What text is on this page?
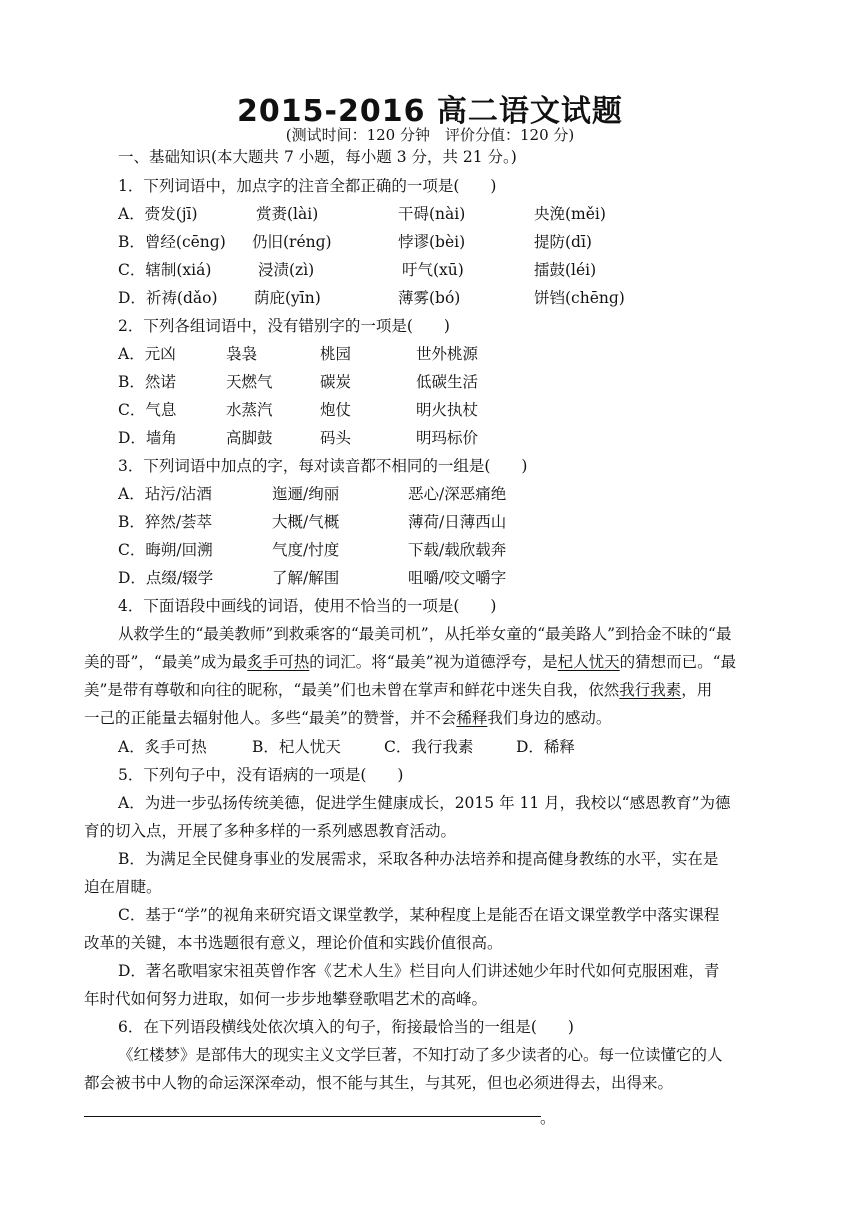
2015-2016 高二语文试题
(测试时间：120 分钟　评价分值：120 分)
一、基础知识(本大题共 7 小题，每小题 3 分，共 21 分。)
1．下列词语中，加点字的注音全都正确的一项是(　　)
A．赍发(jī)	赏赉(lài)	干碍(nài)	央浼(měi)
B．曾经(cēnɡ) 仍旧(rénɡ)	悖谬(bèi)	提防(dī)
C．辖制(xiá)	浸渍(zì)	吁气(xū)	擂鼓(léi)
D．祈祷(dǎo) 荫庇(yīn)	薄雾(bó)	饼铛(chēnɡ)
2．下列各组词语中，没有错别字的一项是(　　)
A．元凶	袅袅	桃园	世外桃源
B．然诺	天燃气	碳炭	低碳生活
C．气息	水蒸汽	炮仗	明火执杖
D．墙角	高脚鼓	码头	明玛标价
3．下列词语中加点的字，每对读音都不相同的一组是(　　)
A．玷污/沾酒	迤逦/绚丽	恶心/深恶痛绝
B．猝然/荟萃	大概/气概	薄荷/日薄西山
C．晦朔/回溯	气度/忖度	下载/载欣载奔
D．点缀/辍学	了解/解围	咀嚼/咬文嚼字
4．下面语段中画线的词语，使用不恰当的一项是(　　)
从救学生的“最美教师”到救乘客的“最美司机”，从托举女童的“最美路人”到拾金不昧的“最
美的哥”，“最美”成为最炙手可热的词汇。将“最美”视为道德浮夸，是杞人忧天的猜想而已。“最
美”是带有尊敬和向往的昵称，“最美”们也未曾在掌声和鲜花中迷失自我，依然我行我素，用
一己的正能量去辐射他人。多些“最美”的赞誉，并不会稀释我们身边的感动。
A．炙手可热	B．杞人忧天	C．我行我素	D．稀释
5．下列句子中，没有语病的一项是(　　)
A．为进一步弘扬传统美德，促进学生健康成长，2015 年 11 月，我校以“感恩教育”为德
育的切入点，开展了多种多样的一系列感恩教育活动。
B．为满足全民健身事业的发展需求，采取各种办法培养和提高健身教练的水平，实在是
迫在眉睫。
C．基于“学”的视角来研究语文课堂教学，某种程度上是能否在语文课堂教学中落实课程
改革的关键，本书选题很有意义，理论价值和实践价值很高。
D．著名歌唱家宋祖英曾作客《艺术人生》栏目向人们讲述她少年时代如何克服困难，青
年时代如何努力进取，如何一步步地攀登歌唱艺术的高峰。
6．在下列语段横线处依次填入的句子，衔接最恰当的一组是(　　)
《红楼梦》是部伟大的现实主义文学巨著，不知打动了多少读者的心。每一位读懂它的人
都会被书中人物的命运深深牵动，恨不能与其生，与其死，但也必须进得去，出得来。
。
